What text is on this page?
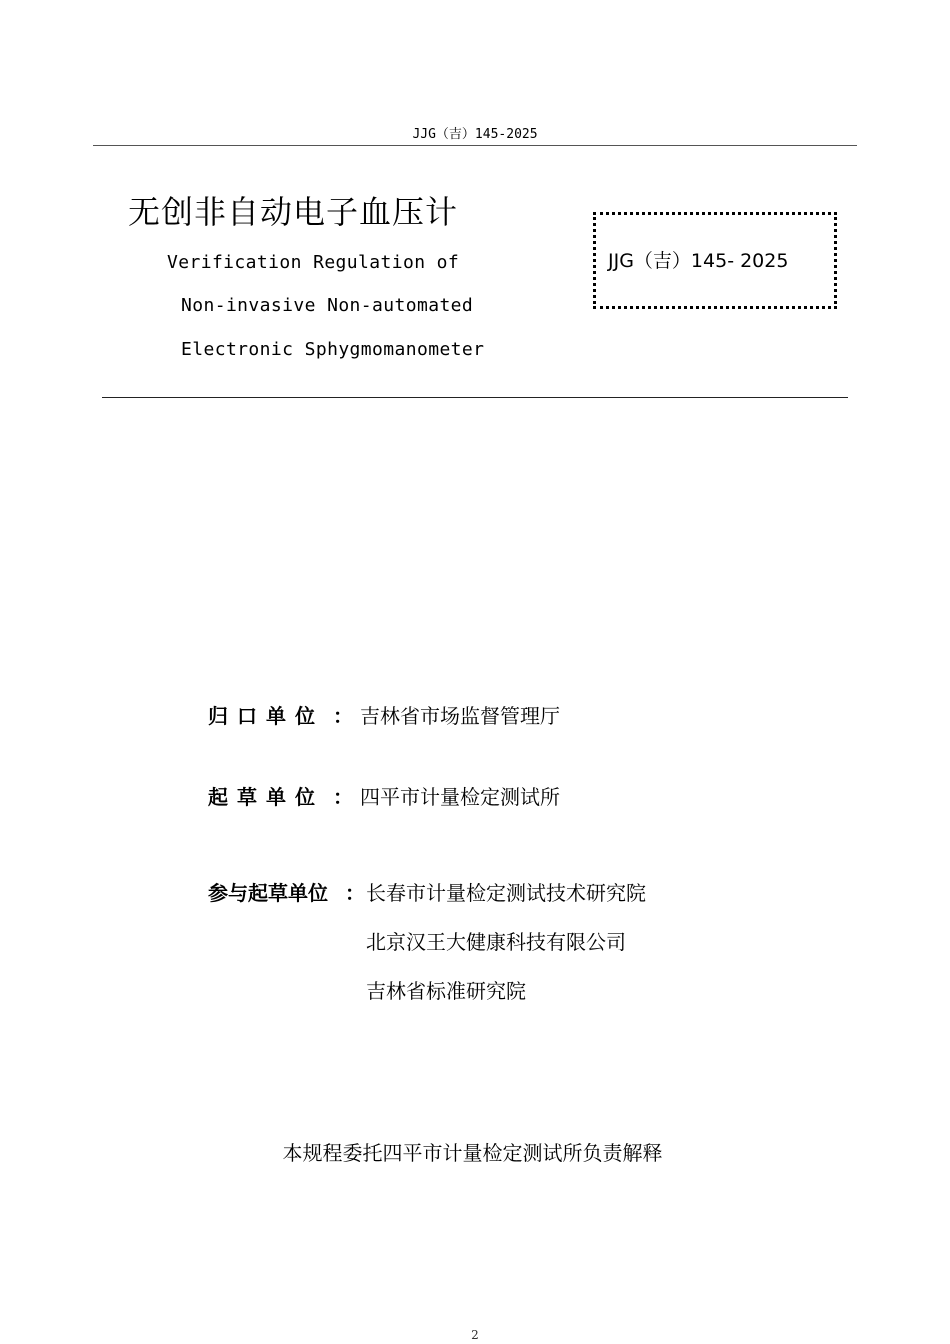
JJG（吉）145-2025
无创非自动电子血压计
Verification Regulation of
Non-invasive Non-automated
Electronic Sphygmomanometer
JJG（吉）145- 2025
归口单位 ： 吉林省市场监督管理厅
起草单位 ： 四平市计量检定测试所
参与起草单位 ： 长春市计量检定测试技术研究院
北京汉王大健康科技有限公司
吉林省标准研究院
本规程委托四平市计量检定测试所负责解释
2
